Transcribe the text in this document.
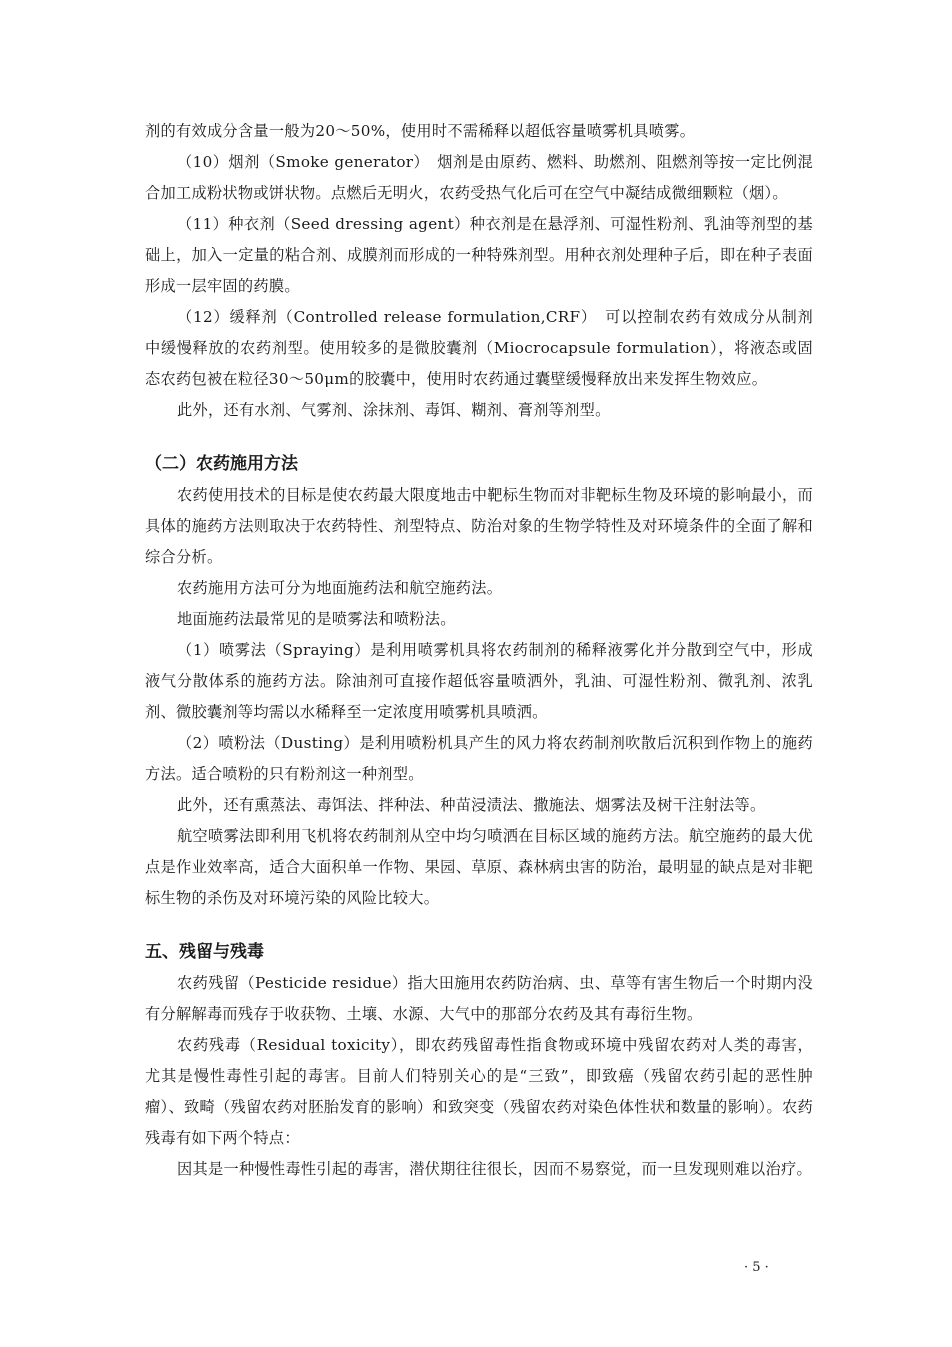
剂的有效成分含量一般为20～50%，使用时不需稀释以超低容量喷雾机具喷雾。

（10）烟剂（Smoke generator）　烟剂是由原药、燃料、助燃剂、阻燃剂等按一定比例混合加工成粉状物或饼状物。点燃后无明火，农药受热气化后可在空气中凝结成微细颗粒（烟）。

（11）种衣剂（Seed dressing agent）种衣剂是在悬浮剂、可湿性粉剂、乳油等剂型的基础上，加入一定量的粘合剂、成膜剂而形成的一种特殊剂型。用种衣剂处理种子后，即在种子表面形成一层牢固的药膜。

（12）缓释剂（Controlled release formulation,CRF）　可以控制农药有效成分从制剂中缓慢释放的农药剂型。使用较多的是微胶囊剂（Miocrocapsule formulation），将液态或固态农药包被在粒径30～50μm的胶囊中，使用时农药通过囊壁缓慢释放出来发挥生物效应。

此外，还有水剂、气雾剂、涂抹剂、毒饵、糊剂、膏剂等剂型。

（二）农药施用方法

农药使用技术的目标是使农药最大限度地击中靶标生物而对非靶标生物及环境的影响最小，而具体的施药方法则取决于农药特性、剂型特点、防治对象的生物学特性及对环境条件的全面了解和综合分析。

农药施用方法可分为地面施药法和航空施药法。

地面施药法最常见的是喷雾法和喷粉法。

（1）喷雾法（Spraying）是利用喷雾机具将农药制剂的稀释液雾化并分散到空气中，形成液气分散体系的施药方法。除油剂可直接作超低容量喷洒外，乳油、可湿性粉剂、微乳剂、浓乳剂、微胶囊剂等均需以水稀释至一定浓度用喷雾机具喷洒。

（2）喷粉法（Dusting）是利用喷粉机具产生的风力将农药制剂吹散后沉积到作物上的施药方法。适合喷粉的只有粉剂这一种剂型。

此外，还有熏蒸法、毒饵法、拌种法、种苗浸渍法、撒施法、烟雾法及树干注射法等。

航空喷雾法即利用飞机将农药制剂从空中均匀喷洒在目标区域的施药方法。航空施药的最大优点是作业效率高，适合大面积单一作物、果园、草原、森林病虫害的防治，最明显的缺点是对非靶标生物的杀伤及对环境污染的风险比较大。

五、残留与残毒

农药残留（Pesticide residue）指大田施用农药防治病、虫、草等有害生物后一个时期内没有分解解毒而残存于收获物、土壤、水源、大气中的那部分农药及其有毒衍生物。

农药残毒（Residual toxicity），即农药残留毒性指食物或环境中残留农药对人类的毒害，尤其是慢性毒性引起的毒害。目前人们特别关心的是“三致”，即致癌（残留农药引起的恶性肿瘤）、致畸（残留农药对胚胎发育的影响）和致突变（残留农药对染色体性状和数量的影响）。农药残毒有如下两个特点：

因其是一种慢性毒性引起的毒害，潜伏期往往很长，因而不易察觉，而一旦发现则难以治疗。

· 5 ·
